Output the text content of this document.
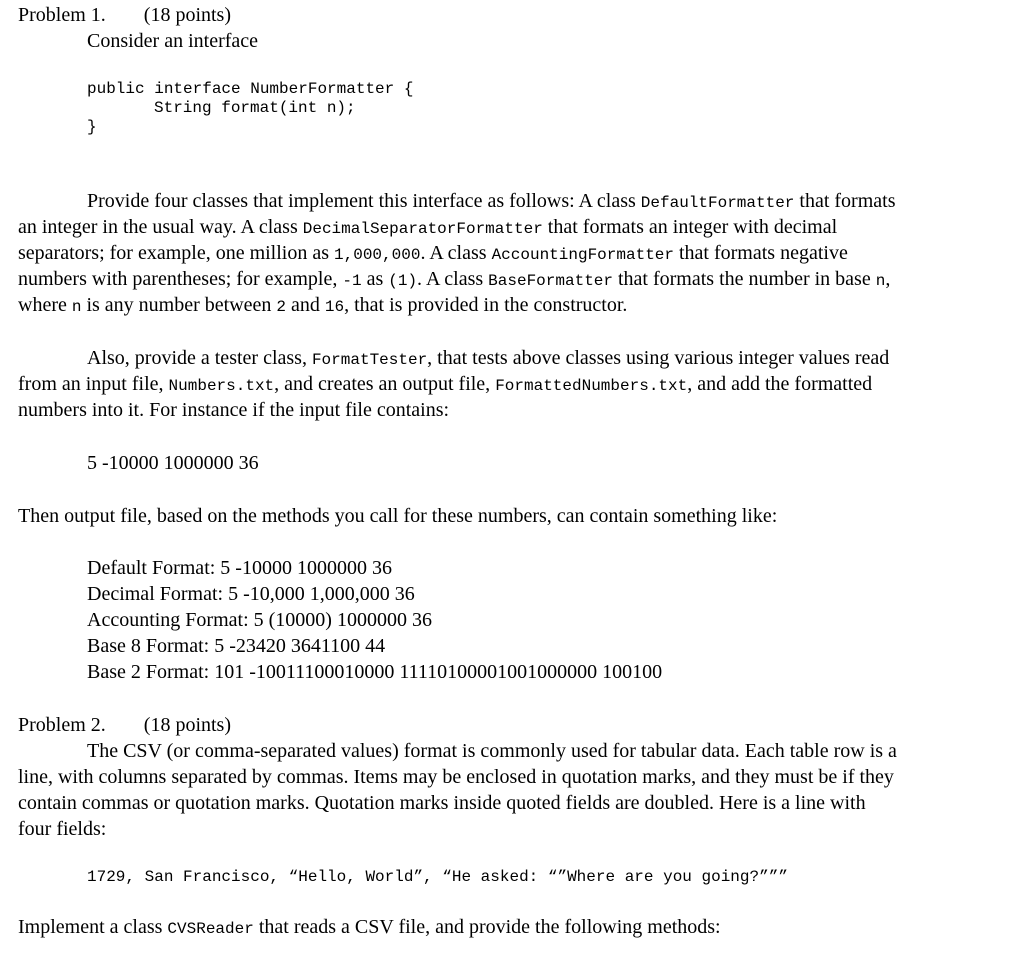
Problem 1. (18 points)
Consider an interface
public interface NumberFormatter {
String format(int n);
}
Provide four classes that implement this interface as follows: A class DefaultFormatter that formats
an integer in the usual way. A class DecimalSeparatorFormatter that formats an integer with decimal
separators; for example, one million as 1,000,000. A class AccountingFormatter that formats negative
numbers with parentheses; for example, -1 as (1). A class BaseFormatter that formats the number in base n,
where n is any number between 2 and 16, that is provided in the constructor.
Also, provide a tester class, FormatTester, that tests above classes using various integer values read
from an input file, Numbers.txt, and creates an output file, FormattedNumbers.txt, and add the formatted
numbers into it. For instance if the input file contains:
5 -10000 1000000 36
Then output file, based on the methods you call for these numbers, can contain something like:
Default Format: 5 -10000 1000000 36
Decimal Format: 5 -10,000 1,000,000 36
Accounting Format: 5 (10000) 1000000 36
Base 8 Format: 5 -23420 3641100 44
Base 2 Format: 101 -10011100010000 11110100001001000000 100100
Problem 2. (18 points)
The CSV (or comma-separated values) format is commonly used for tabular data. Each table row is a
line, with columns separated by commas. Items may be enclosed in quotation marks, and they must be if they
contain commas or quotation marks. Quotation marks inside quoted fields are doubled. Here is a line with
four fields:
1729, San Francisco, “Hello, World”, “He asked: “”Where are you going?”””
Implement a class CVSReader that reads a CSV file, and provide the following methods:
